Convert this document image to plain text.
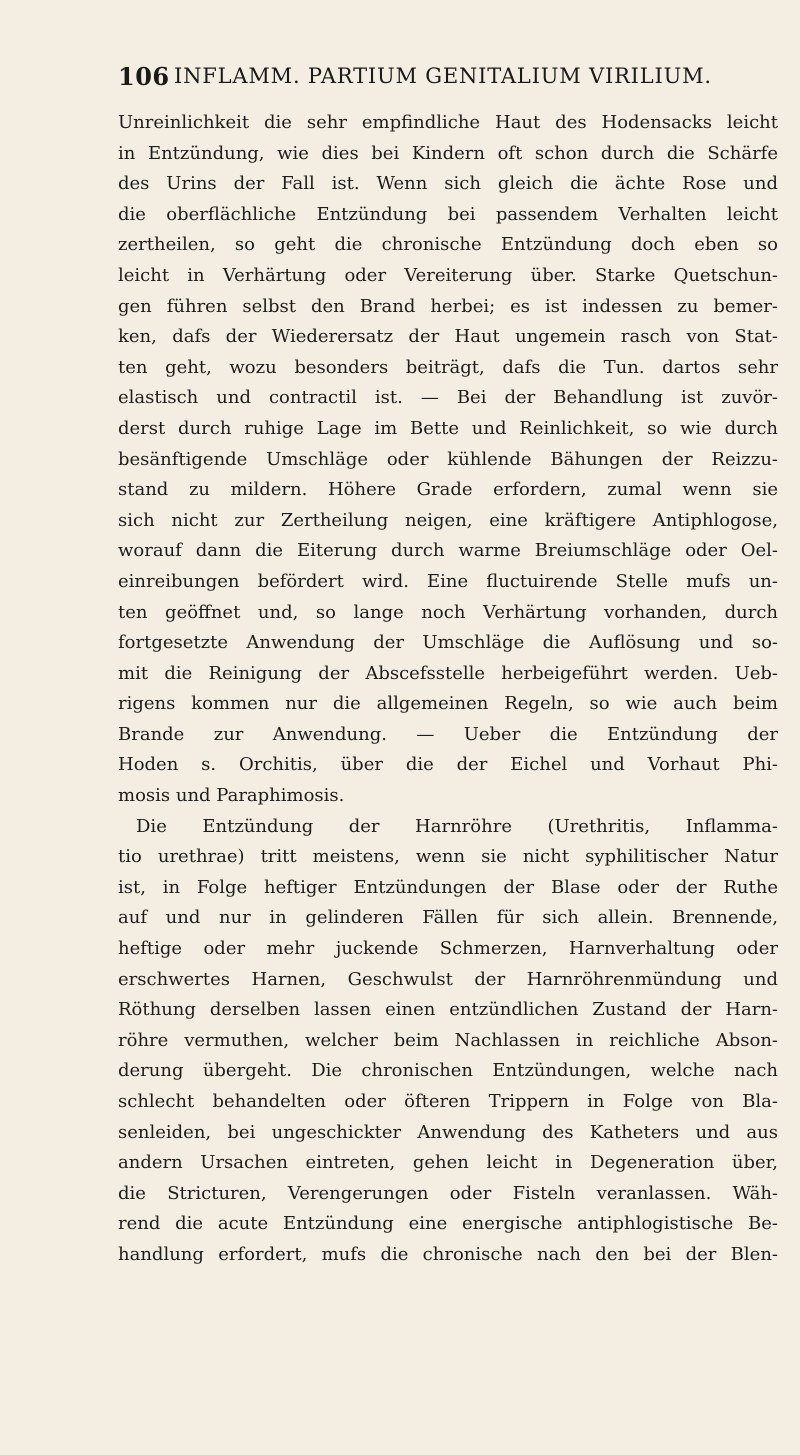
106 INFLAMM. PARTIUM GENITALIUM VIRILIUM.
Unreinlichkeit die sehr empfindliche Haut des Hodensacks leicht
in Entzündung, wie dies bei Kindern oft schon durch die Schärfe
des Urins der Fall ist. Wenn sich gleich die ächte Rose und
die oberflächliche Entzündung bei passendem Verhalten leicht
zertheilen, so geht die chronische Entzündung doch eben so
leicht in Verhärtung oder Vereiterung über. Starke Quetschun-
gen führen selbst den Brand herbei; es ist indessen zu bemer-
ken, dafs der Wiederersatz der Haut ungemein rasch von Stat-
ten geht, wozu besonders beiträgt, dafs die Tun. dartos sehr
elastisch und contractil ist. — Bei der Behandlung ist zuvör-
derst durch ruhige Lage im Bette und Reinlichkeit, so wie durch
besänftigende Umschläge oder kühlende Bähungen der Reizzu-
stand zu mildern. Höhere Grade erfordern, zumal wenn sie
sich nicht zur Zertheilung neigen, eine kräftigere Antiphlogose,
worauf dann die Eiterung durch warme Breiumschläge oder Oel-
einreibungen befördert wird. Eine fluctuirende Stelle mufs un-
ten geöffnet und, so lange noch Verhärtung vorhanden, durch
fortgesetzte Anwendung der Umschläge die Auflösung und so-
mit die Reinigung der Abscefsstelle herbeigeführt werden. Ueb-
rigens kommen nur die allgemeinen Regeln, so wie auch beim
Brande zur Anwendung. — Ueber die Entzündung der
Hoden s. Orchitis, über die der Eichel und Vorhaut Phi-
mosis und Paraphimosis.
Die Entzündung der Harnröhre (Urethritis, Inflamma-
tio urethrae) tritt meistens, wenn sie nicht syphilitischer Natur
ist, in Folge heftiger Entzündungen der Blase oder der Ruthe
auf und nur in gelinderen Fällen für sich allein. Brennende,
heftige oder mehr juckende Schmerzen, Harnverhaltung oder
erschwertes Harnen, Geschwulst der Harnröhrenmündung und
Röthung derselben lassen einen entzündlichen Zustand der Harn-
röhre vermuthen, welcher beim Nachlassen in reichliche Abson-
derung übergeht. Die chronischen Entzündungen, welche nach
schlecht behandelten oder öfteren Trippern in Folge von Bla-
senleiden, bei ungeschickter Anwendung des Katheters und aus
andern Ursachen eintreten, gehen leicht in Degeneration über,
die Stricturen, Verengerungen oder Fisteln veranlassen. Wäh-
rend die acute Entzündung eine energische antiphlogistische Be-
handlung erfordert, mufs die chronische nach den bei der Blen-
